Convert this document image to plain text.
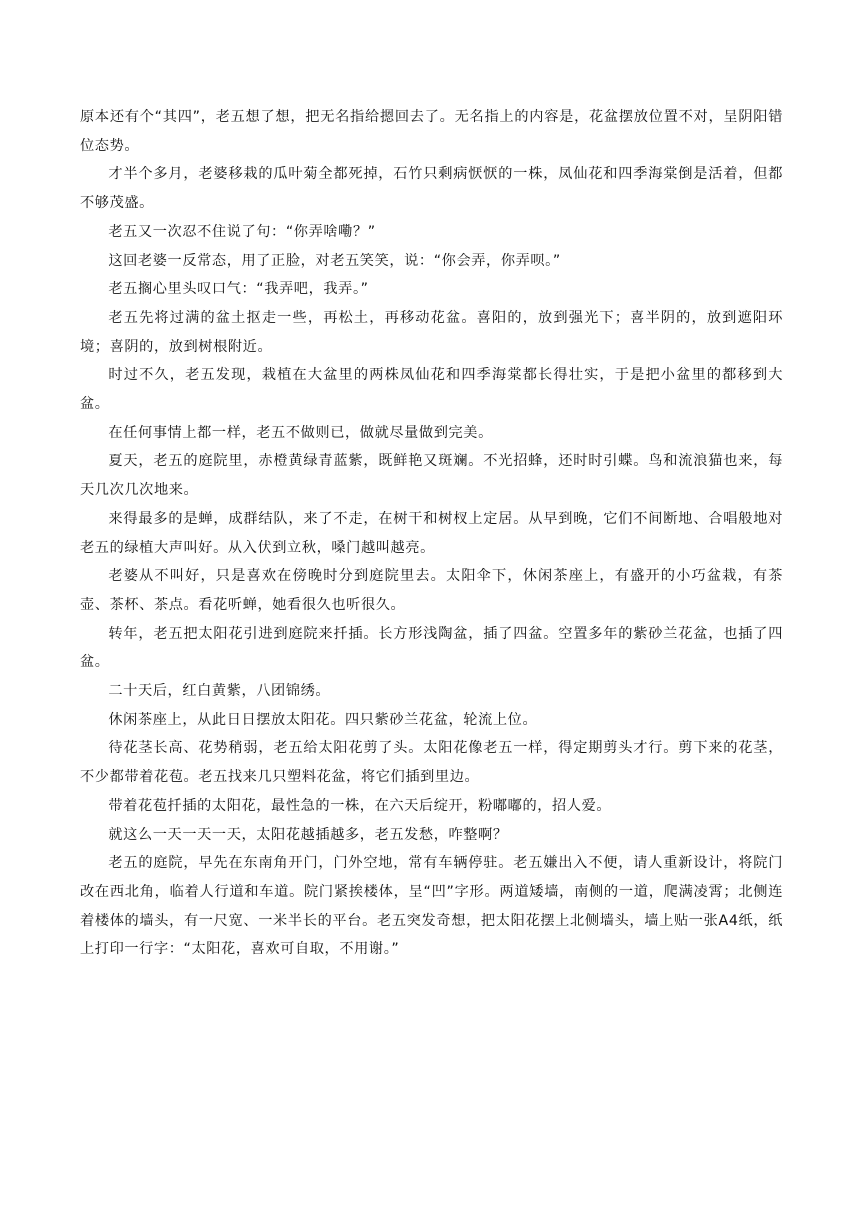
原本还有个“其四”，老五想了想，把无名指给摁回去了。无名指上的内容是，花盆摆放位置不对，呈阴阳错位态势。

才半个多月，老婆移栽的瓜叶菊全都死掉，石竹只剩病恹恹的一株，凤仙花和四季海棠倒是活着，但都不够茂盛。

老五又一次忍不住说了句：“你弄啥嘞？”

这回老婆一反常态，用了正脸，对老五笑笑，说：“你会弄，你弄呗。”

老五搁心里头叹口气：“我弄吧，我弄。”

老五先将过满的盆土抠走一些，再松土，再移动花盆。喜阳的，放到强光下；喜半阴的，放到遮阳环境；喜阴的，放到树根附近。

时过不久，老五发现，栽植在大盆里的两株凤仙花和四季海棠都长得壮实，于是把小盆里的都移到大盆。

在任何事情上都一样，老五不做则已，做就尽量做到完美。

夏天，老五的庭院里，赤橙黄绿青蓝紫，既鲜艳又斑斓。不光招蜂，还时时引蝶。鸟和流浪猫也来，每天几次几次地来。

来得最多的是蝉，成群结队，来了不走，在树干和树杈上定居。从早到晚，它们不间断地、合唱般地对老五的绿植大声叫好。从入伏到立秋，嗓门越叫越亮。

老婆从不叫好，只是喜欢在傍晚时分到庭院里去。太阳伞下，休闲茶座上，有盛开的小巧盆栽，有茶壶、茶杯、茶点。看花听蝉，她看很久也听很久。

转年，老五把太阳花引进到庭院来扦插。长方形浅陶盆，插了四盆。空置多年的紫砂兰花盆，也插了四盆。

二十天后，红白黄紫，八团锦绣。

休闲茶座上，从此日日摆放太阳花。四只紫砂兰花盆，轮流上位。

待花茎长高、花势稍弱，老五给太阳花剪了头。太阳花像老五一样，得定期剪头才行。剪下来的花茎，不少都带着花苞。老五找来几只塑料花盆，将它们插到里边。

带着花苞扦插的太阳花，最性急的一株，在六天后绽开，粉嘟嘟的，招人爱。

就这么一天一天一天，太阳花越插越多，老五发愁，咋整啊？

老五的庭院，早先在东南角开门，门外空地，常有车辆停驻。老五嫌出入不便，请人重新设计，将院门改在西北角，临着人行道和车道。院门紧挨楼体，呈“凹”字形。两道矮墙，南侧的一道，爬满凌霄；北侧连着楼体的墙头，有一尺宽、一米半长的平台。老五突发奇想，把太阳花摆上北侧墙头，墙上贴一张A4纸，纸上打印一行字：“太阳花，喜欢可自取，不用谢。”
